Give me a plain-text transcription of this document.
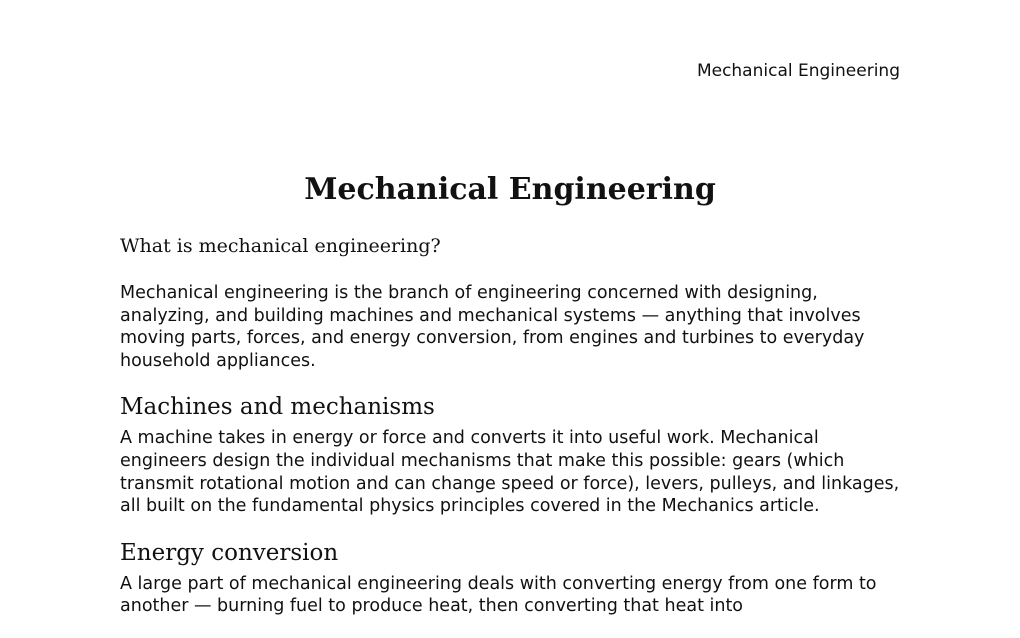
Mechanical Engineering
Mechanical Engineering
What is mechanical engineering?

Mechanical engineering is the branch of engineering concerned with designing, analyzing, and building machines and mechanical systems — anything that involves moving parts, forces, and energy conversion, from engines and turbines to everyday household appliances.

Machines and mechanisms

A machine takes in energy or force and converts it into useful work. Mechanical engineers design the individual mechanisms that make this possible: gears (which transmit rotational motion and can change speed or force), levers, pulleys, and linkages, all built on the fundamental physics principles covered in the Mechanics article.

Energy conversion

A large part of mechanical engineering deals with converting energy from one form to another — burning fuel to produce heat, then converting that heat into
